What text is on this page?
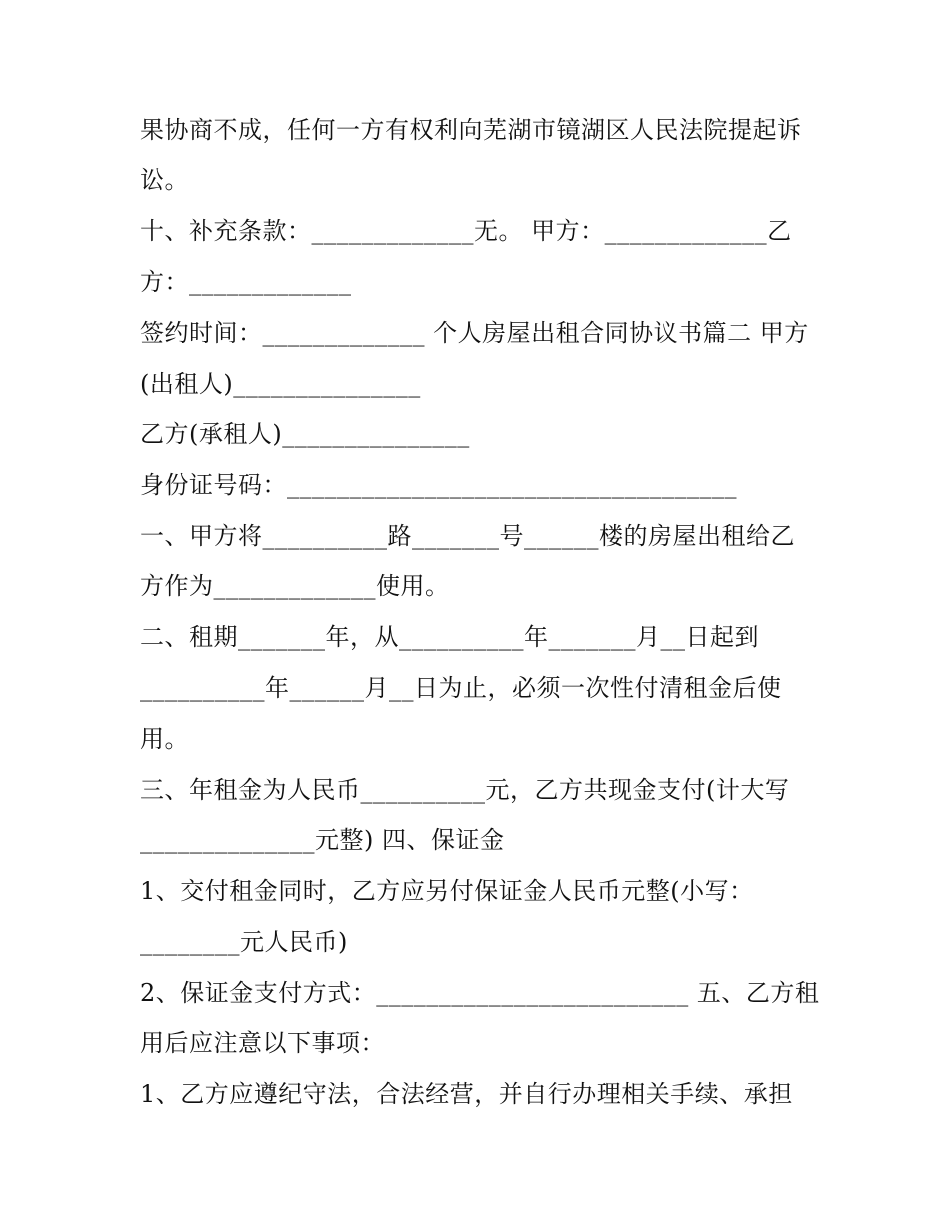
果协商不成，任何一方有权利向芜湖市镜湖区人民法院提起诉
讼。
十、补充条款：_____________无。 甲方：_____________乙
方：_____________
签约时间：_____________ 个人房屋出租合同协议书篇二 甲方
(出租人)_______________
乙方(承租人)_______________
身份证号码：____________________________________
一、甲方将__________路_______号______楼的房屋出租给乙
方作为_____________使用。
二、租期_______年，从__________年_______月__日起到
__________年______月__日为止，必须一次性付清租金后使
用。
三、年租金为人民币__________元，乙方共现金支付(计大写
______________元整) 四、保证金
1、交付租金同时，乙方应另付保证金人民币元整(小写：
________元人民币)
2、保证金支付方式：_________________________ 五、乙方租
用后应注意以下事项：
1、乙方应遵纪守法，合法经营，并自行办理相关手续、承担
